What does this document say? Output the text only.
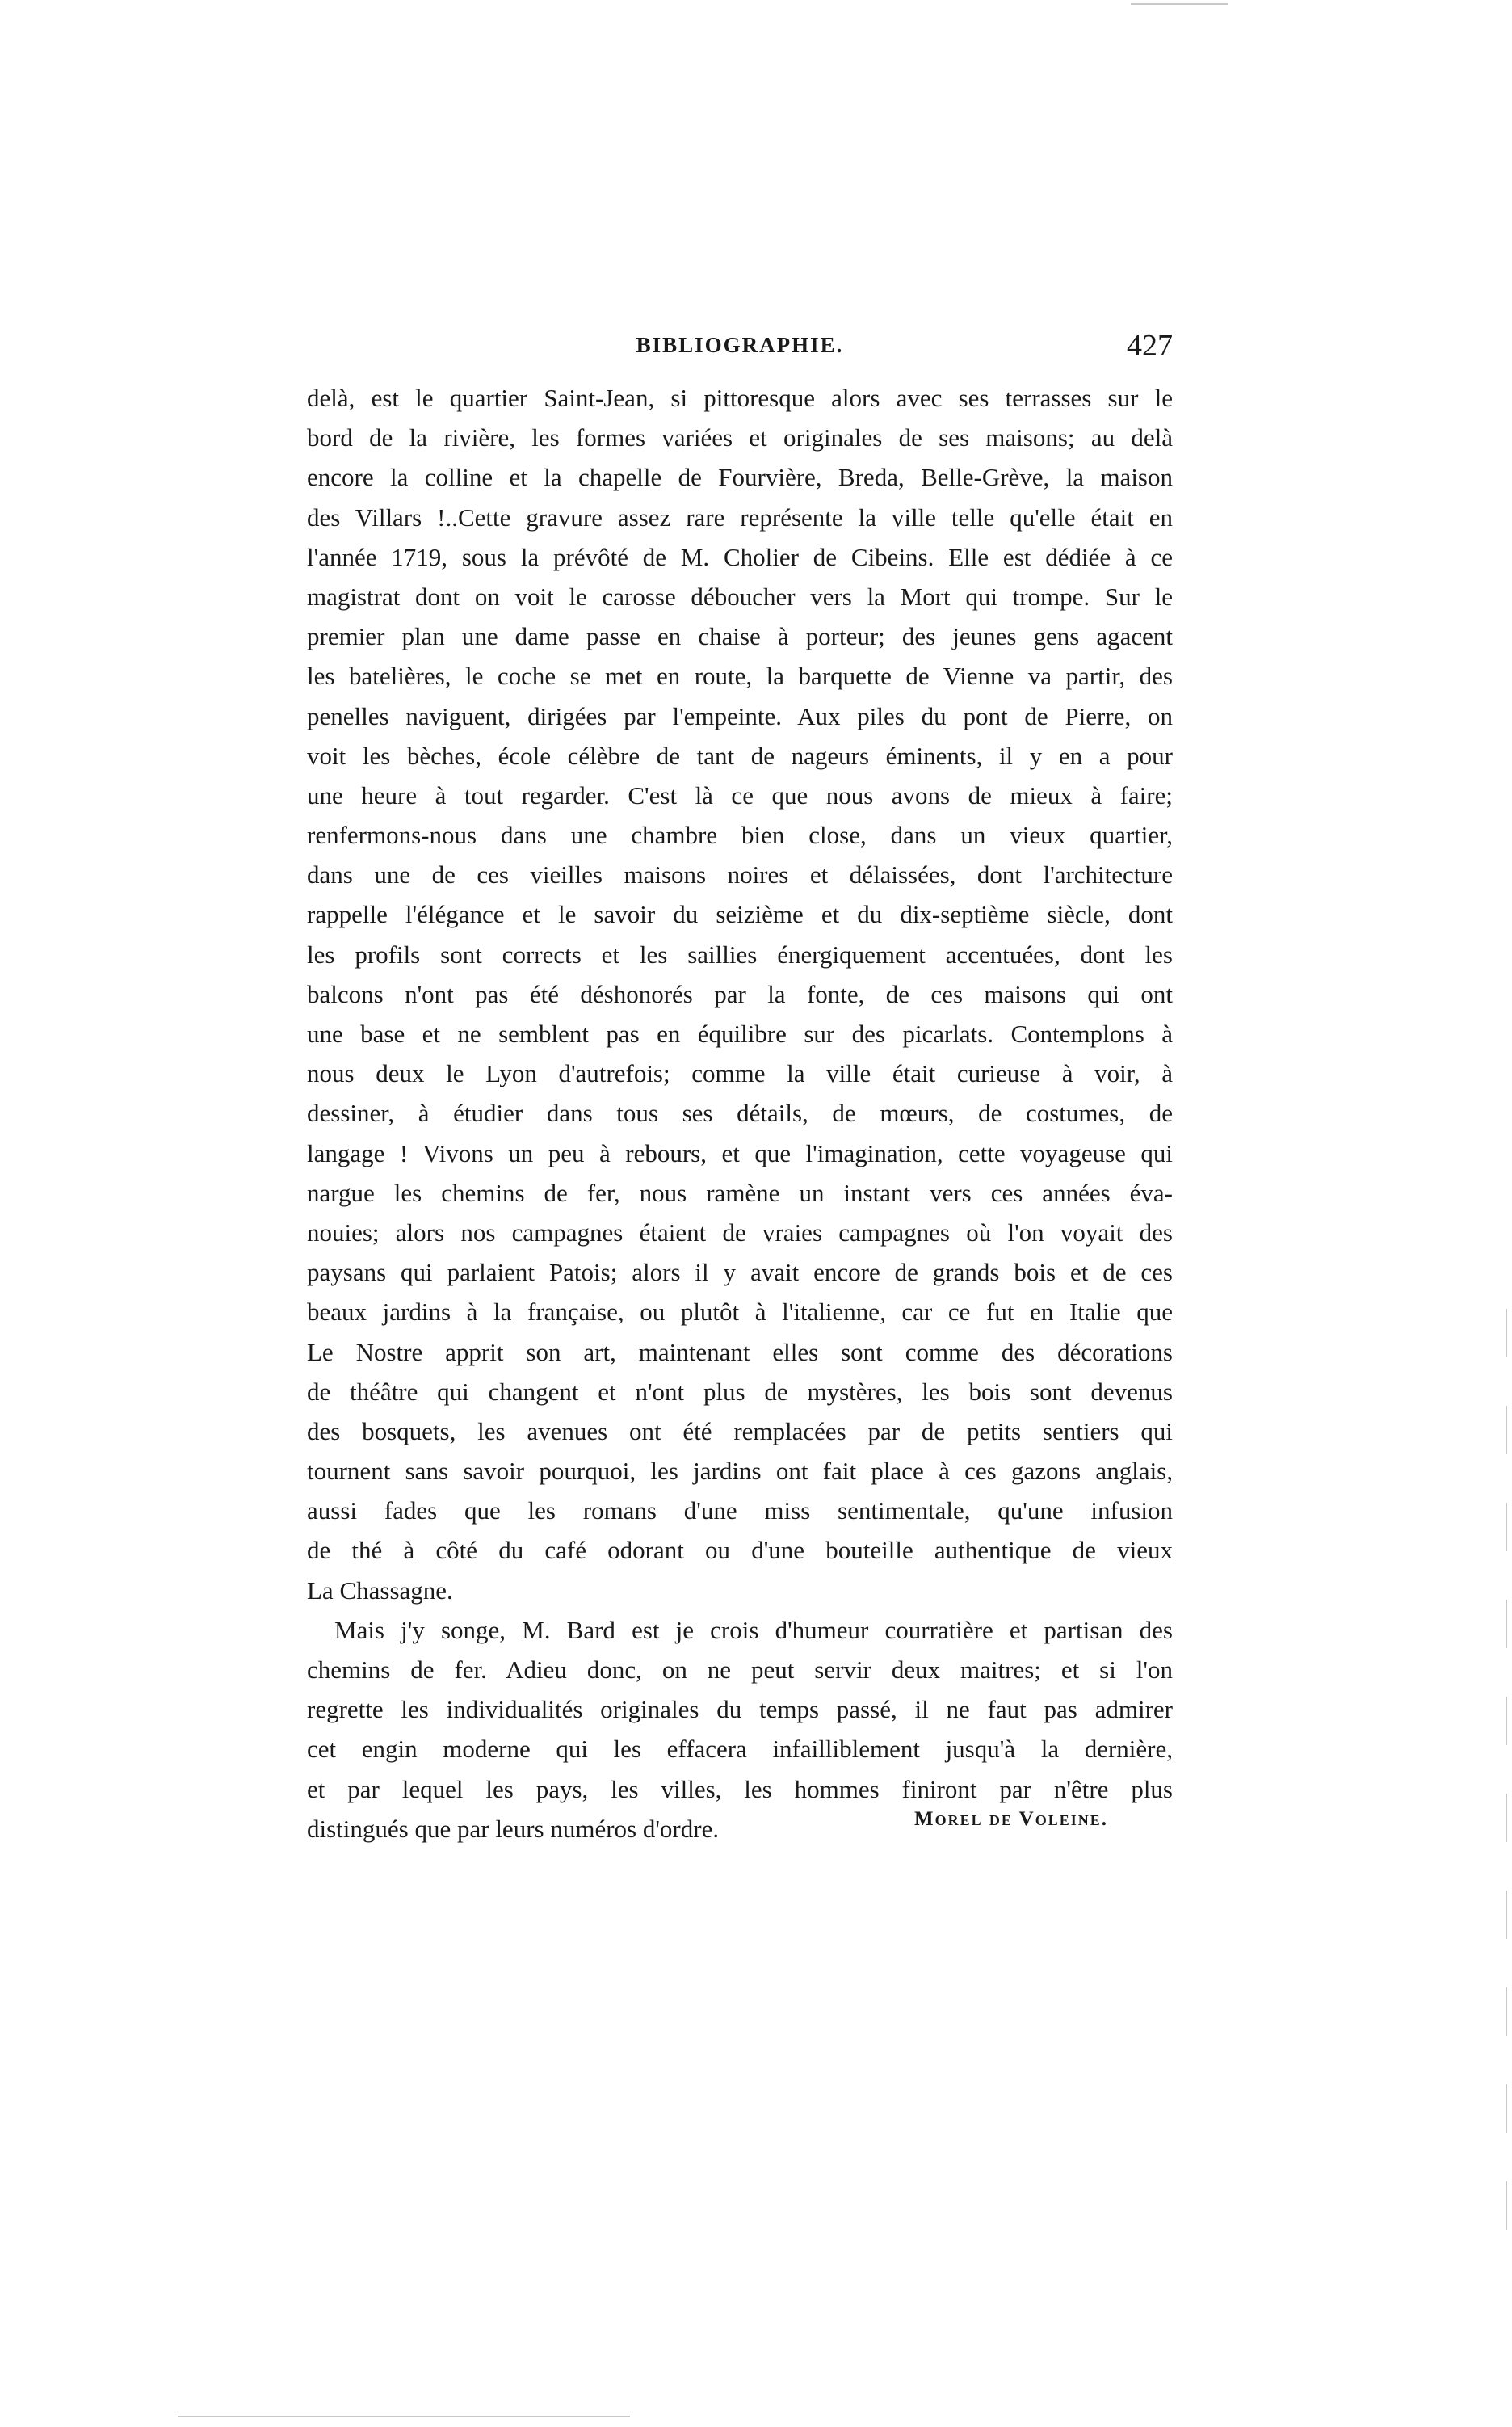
BIBLIOGRAPHIE.	427
delà, est le quartier Saint-Jean, si pittoresque alors avec ses terrasses sur le
bord de la rivière, les formes variées et originales de ses maisons; au delà
encore la colline et la chapelle de Fourvière, Breda, Belle-Grève, la maison
des Villars !..Cette gravure assez rare représente la ville telle qu'elle était en
l'année 1719, sous la prévôté de M. Cholier de Cibeins. Elle est dédiée à ce
magistrat dont on voit le carosse déboucher vers la Mort qui trompe. Sur le
premier plan une dame passe en chaise à porteur; des jeunes gens agacent
les batelières, le coche se met en route, la barquette de Vienne va partir, des
penelles naviguent, dirigées par l'empeinte. Aux piles du pont de Pierre, on
voit les bèches, école célèbre de tant de nageurs éminents, il y en a pour
une heure à tout regarder. C'est là ce que nous avons de mieux à faire;
renfermons-nous dans une chambre bien close, dans un vieux quartier,
dans une de ces vieilles maisons noires et délaissées, dont l'architecture
rappelle l'élégance et le savoir du seizième et du dix-septième siècle, dont
les profils sont corrects et les saillies énergiquement accentuées, dont les
balcons n'ont pas été déshonorés par la fonte, de ces maisons qui ont
une base et ne semblent pas en équilibre sur des picarlats. Contemplons à
nous deux le Lyon d'autrefois; comme la ville était curieuse à voir, à
dessiner, à étudier dans tous ses détails, de mœurs, de costumes, de
langage ! Vivons un peu à rebours, et que l'imagination, cette voyageuse qui
nargue les chemins de fer, nous ramène un instant vers ces années éva-
nouies; alors nos campagnes étaient de vraies campagnes où l'on voyait des
paysans qui parlaient Patois; alors il y avait encore de grands bois et de ces
beaux jardins à la française, ou plutôt à l'italienne, car ce fut en Italie que
Le Nostre apprit son art, maintenant elles sont comme des décorations
de théâtre qui changent et n'ont plus de mystères, les bois sont devenus
des bosquets, les avenues ont été remplacées par de petits sentiers qui
tournent sans savoir pourquoi, les jardins ont fait place à ces gazons anglais,
aussi fades que les romans d'une miss sentimentale, qu'une infusion
de thé à côté du café odorant ou d'une bouteille authentique de vieux
La Chassagne.
Mais j'y songe, M. Bard est je crois d'humeur courratière et partisan des
chemins de fer. Adieu donc, on ne peut servir deux maitres; et si l'on
regrette les individualités originales du temps passé, il ne faut pas admirer
cet engin moderne qui les effacera infailliblement jusqu'à la dernière,
et par lequel les pays, les villes, les hommes finiront par n'être plus
distingués que par leurs numéros d'ordre.	Morel de Voleine.
